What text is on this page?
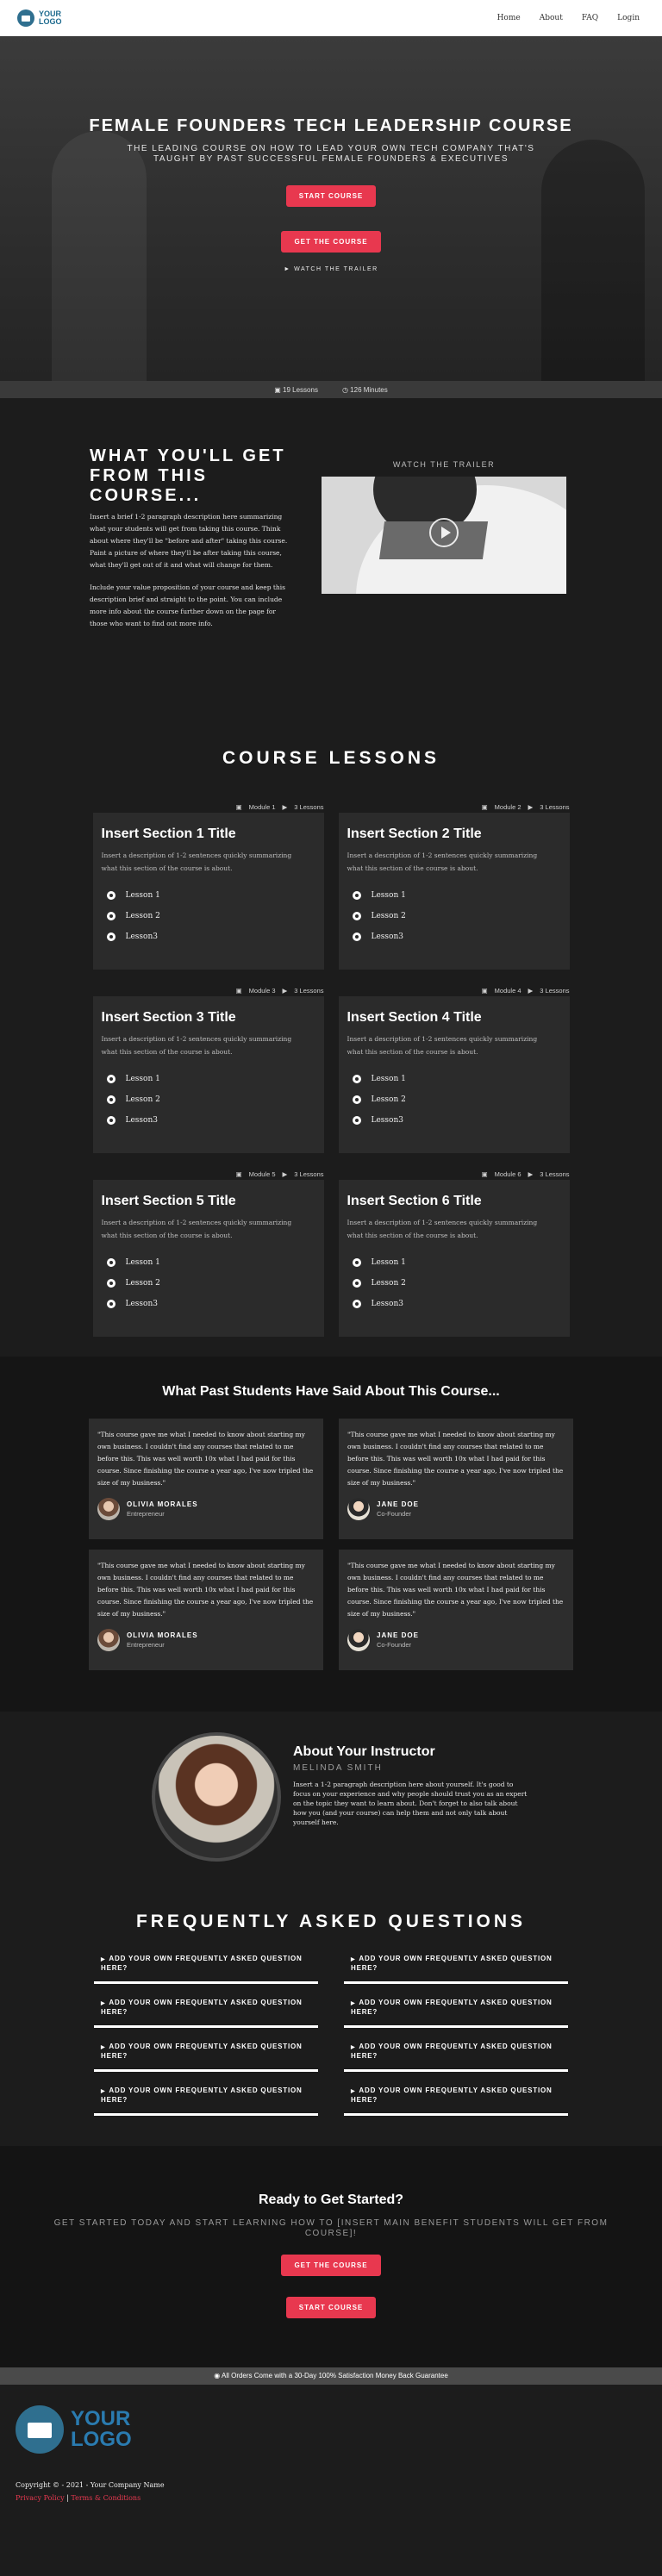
YOUR
LOGO	Home About FAQ Login
FEMALE FOUNDERS TECH LEADERSHIP COURSE
THE LEADING COURSE ON HOW TO LEAD YOUR OWN TECH COMPANY THAT'S TAUGHT BY PAST SUCCESSFUL FEMALE FOUNDERS & EXECUTIVES
START COURSE
GET THE COURSE
► WATCH THE TRAILER
▣ 19 Lessons	◷ 126 Minutes
WHAT YOU'LL GET FROM THIS COURSE...

Insert a brief 1-2 paragraph description here summarizing what your students will get from taking this course. Think about where they'll be "before and after" taking this course. Paint a picture of where they'll be after taking this course, what they'll get out of it and what will change for them.

Include your value proposition of your course and keep this description brief and straight to the point. You can include more info about the course further down on the page for those who want to find out more info.

WATCH THE TRAILER
COURSE LESSONS
▣ Module 1 ▶ 3 Lessons
Insert Section 1 Title
Insert a description of 1-2 sentences quickly summarizing what this section of the course is about.
Lesson 1
Lesson 2
Lesson3
▣ Module 2 ▶ 3 Lessons
Insert Section 2 Title
Insert a description of 1-2 sentences quickly summarizing what this section of the course is about.
Lesson 1
Lesson 2
Lesson3
▣ Module 3 ▶ 3 Lessons
Insert Section 3 Title
Insert a description of 1-2 sentences quickly summarizing what this section of the course is about.
Lesson 1
Lesson 2
Lesson3
▣ Module 4 ▶ 3 Lessons
Insert Section 4 Title
Insert a description of 1-2 sentences quickly summarizing what this section of the course is about.
Lesson 1
Lesson 2
Lesson3
▣ Module 5 ▶ 3 Lessons
Insert Section 5 Title
Insert a description of 1-2 sentences quickly summarizing what this section of the course is about.
Lesson 1
Lesson 2
Lesson3
▣ Module 6 ▶ 3 Lessons
Insert Section 6 Title
Insert a description of 1-2 sentences quickly summarizing what this section of the course is about.
Lesson 1
Lesson 2
Lesson3
What Past Students Have Said About This Course...
"This course gave me what I needed to know about starting my own business. I couldn't find any courses that related to me before this. This was well worth 10x what I had paid for this course. Since finishing the course a year ago, I've now tripled the size of my business."
OLIVIA MORALES
Entrepreneur
"This course gave me what I needed to know about starting my own business. I couldn't find any courses that related to me before this. This was well worth 10x what I had paid for this course. Since finishing the course a year ago, I've now tripled the size of my business."
JANE DOE
Co-Founder
"This course gave me what I needed to know about starting my own business. I couldn't find any courses that related to me before this. This was well worth 10x what I had paid for this course. Since finishing the course a year ago, I've now tripled the size of my business."
OLIVIA MORALES
Entrepreneur
"This course gave me what I needed to know about starting my own business. I couldn't find any courses that related to me before this. This was well worth 10x what I had paid for this course. Since finishing the course a year ago, I've now tripled the size of my business."
JANE DOE
Co-Founder
About Your Instructor
MELINDA SMITH

Insert a 1-2 paragraph description here about yourself. It's good to focus on your experience and why people should trust you as an expert on the topic they want to learn about. Don't forget to also talk about how you (and your course) can help them and not only talk about yourself here.

FREQUENTLY ASKED QUESTIONS
▶ ADD YOUR OWN FREQUENTLY ASKED QUESTION HERE?
▶ ADD YOUR OWN FREQUENTLY ASKED QUESTION HERE?
▶ ADD YOUR OWN FREQUENTLY ASKED QUESTION HERE?
▶ ADD YOUR OWN FREQUENTLY ASKED QUESTION HERE?
▶ ADD YOUR OWN FREQUENTLY ASKED QUESTION HERE?
▶ ADD YOUR OWN FREQUENTLY ASKED QUESTION HERE?
▶ ADD YOUR OWN FREQUENTLY ASKED QUESTION HERE?
▶ ADD YOUR OWN FREQUENTLY ASKED QUESTION HERE?
Ready to Get Started?
GET STARTED TODAY AND START LEARNING HOW TO [INSERT MAIN BENEFIT STUDENTS WILL GET FROM COURSE]!
GET THE COURSE
START COURSE
◉ All Orders Come with a 30-Day 100% Satisfaction Money Back Guarantee
YOUR
LOGO
Copyright © - 2021 - Your Company Name
Privacy Policy | Terms & Conditions
